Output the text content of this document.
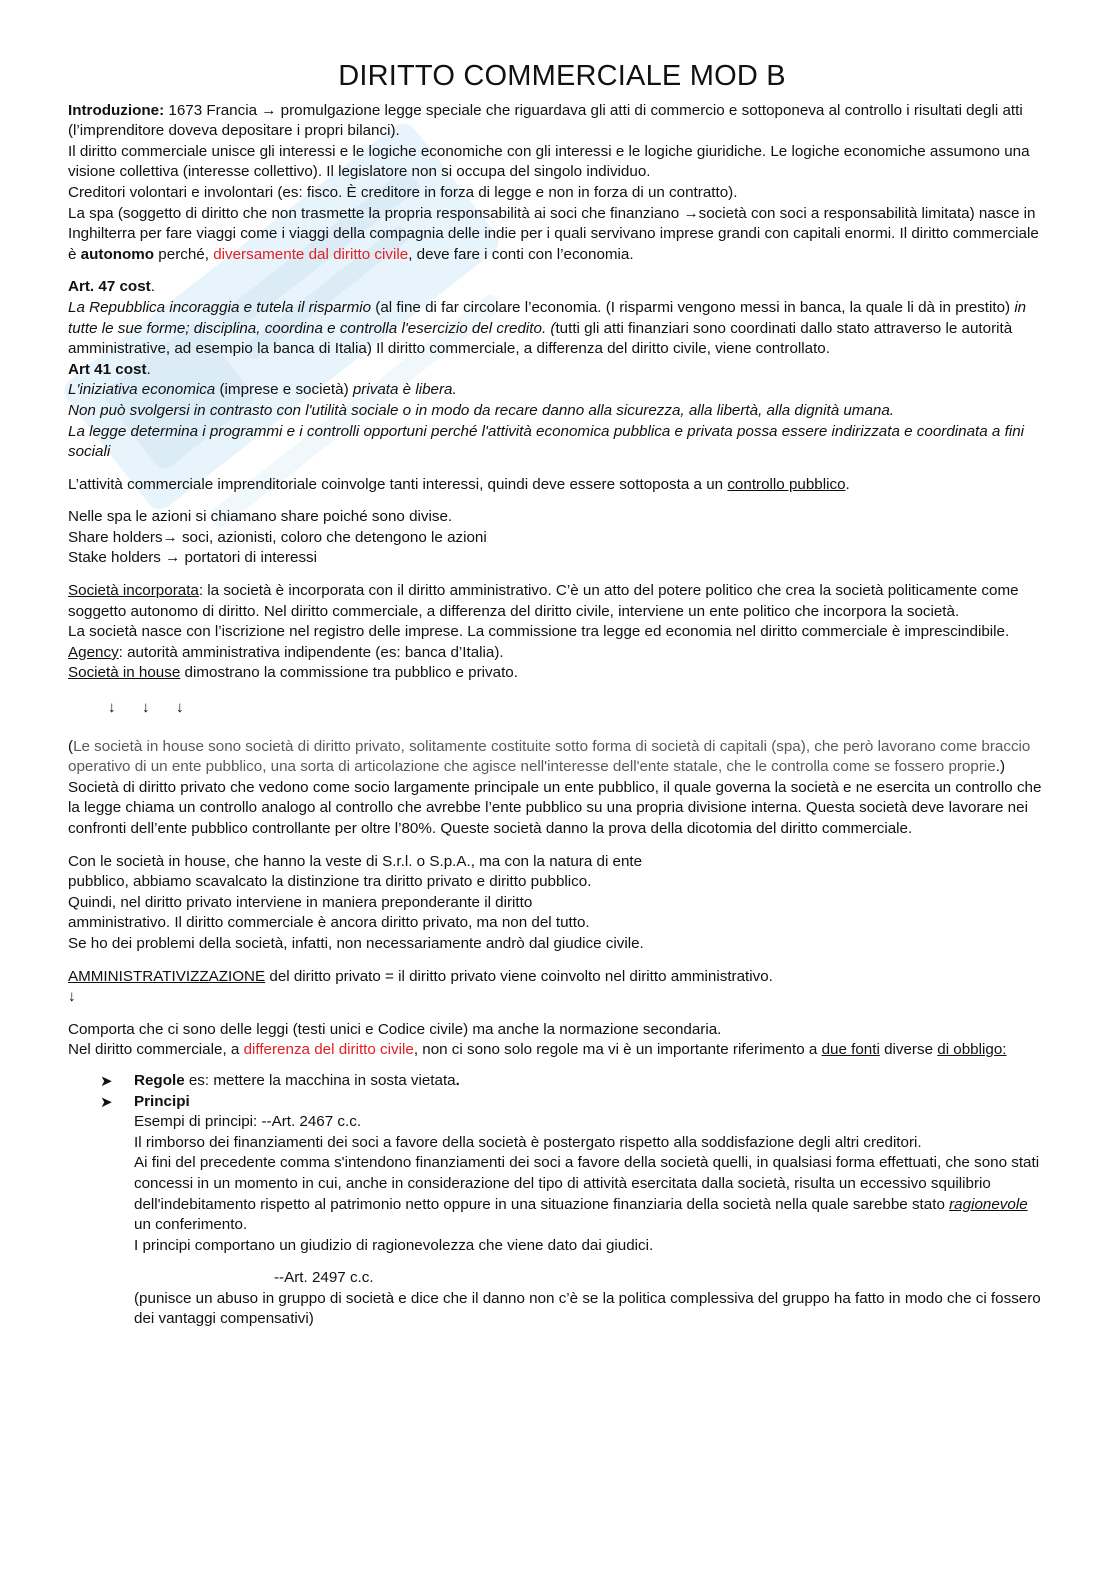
DIRITTO COMMERCIALE MOD B

Introduzione: 1673 Francia → promulgazione legge speciale che riguardava gli atti di commercio e sottoponeva al controllo i risultati degli atti (l’imprenditore doveva depositare i propri bilanci).

Il diritto commerciale unisce gli interessi e le logiche economiche con gli interessi e le logiche giuridiche. Le logiche economiche assumono una visione collettiva (interesse collettivo). Il legislatore non si occupa del singolo individuo.

Creditori volontari e involontari (es: fisco. È creditore in forza di legge e non in forza di un contratto).

La spa (soggetto di diritto che non trasmette la propria responsabilità ai soci che finanziano →società con soci a responsabilità limitata) nasce in Inghilterra per fare viaggi come i viaggi della compagnia delle indie per i quali servivano imprese grandi con capitali enormi. Il diritto commerciale è autonomo perché, diversamente dal diritto civile, deve fare i conti con l’economia.

Art. 47 cost.

La Repubblica incoraggia e tutela il risparmio (al fine di far circolare l’economia. (I risparmi vengono messi in banca, la quale li dà in prestito) in tutte le sue forme; disciplina, coordina e controlla l'esercizio del credito. (tutti gli atti finanziari sono coordinati dallo stato attraverso le autorità amministrative, ad esempio la banca di Italia) Il diritto commerciale, a differenza del diritto civile, viene controllato.

Art 41 cost.

L'iniziativa economica (imprese e società) privata è libera.

Non può svolgersi in contrasto con l'utilità sociale o in modo da recare danno alla sicurezza, alla libertà, alla dignità umana.

La legge determina i programmi e i controlli opportuni perché l'attività economica pubblica e privata possa essere indirizzata e coordinata a fini sociali

L’attività commerciale imprenditoriale coinvolge tanti interessi, quindi deve essere sottoposta a un controllo pubblico.

Nelle spa le azioni si chiamano share poiché sono divise.

Share holders→ soci, azionisti, coloro che detengono le azioni

Stake holders → portatori di interessi

Società incorporata: la società è incorporata con il diritto amministrativo. C’è un atto del potere politico che crea la società politicamente come soggetto autonomo di diritto. Nel diritto commerciale, a differenza del diritto civile, interviene un ente politico che incorpora la società.

La società nasce con l’iscrizione nel registro delle imprese. La commissione tra legge ed economia nel diritto commerciale è imprescindibile.

Agency: autorità amministrativa indipendente (es: banca d’Italia).

Società in house dimostrano la commissione tra pubblico e privato.

↓ ↓ ↓

(Le società in house sono società di diritto privato, solitamente costituite sotto forma di società di capitali (spa), che però lavorano come braccio operativo di un ente pubblico, una sorta di articolazione che agisce nell'interesse dell'ente statale, che le controlla come se fossero proprie.) Società di diritto privato che vedono come socio largamente principale un ente pubblico, il quale governa la società e ne esercita un controllo che la legge chiama un controllo analogo al controllo che avrebbe l’ente pubblico su una propria divisione interna. Questa società deve lavorare nei confronti dell’ente pubblico controllante per oltre l’80%. Queste società danno la prova della dicotomia del diritto commerciale.

Con le società in house, che hanno la veste di S.r.l. o S.p.A., ma con la natura di ente

pubblico, abbiamo scavalcato la distinzione tra diritto privato e diritto pubblico.

Quindi, nel diritto privato interviene in maniera preponderante il diritto

amministrativo. Il diritto commerciale è ancora diritto privato, ma non del tutto.

Se ho dei problemi della società, infatti, non necessariamente andrò dal giudice civile.

AMMINISTRATIVIZZAZIONE del diritto privato = il diritto privato viene coinvolto nel diritto amministrativo.

↓

Comporta che ci sono delle leggi (testi unici e Codice civile) ma anche la normazione secondaria.

Nel diritto commerciale, a differenza del diritto civile, non ci sono solo regole ma vi è un importante riferimento a due fonti diverse di obbligo:

➤ Regole es: mettere la macchina in sosta vietata.
➤ Principi

Esempi di principi: --Art. 2467 c.c.

Il rimborso dei finanziamenti dei soci a favore della società è postergato rispetto alla soddisfazione degli altri creditori.

Ai fini del precedente comma s'intendono finanziamenti dei soci a favore della società quelli, in qualsiasi forma effettuati, che sono stati concessi in un momento in cui, anche in considerazione del tipo di attività esercitata dalla società, risulta un eccessivo squilibrio dell'indebitamento rispetto al patrimonio netto oppure in una situazione finanziaria della società nella quale sarebbe stato ragionevole un conferimento.

I principi comportano un giudizio di ragionevolezza che viene dato dai giudici.

--Art. 2497 c.c.

(punisce un abuso in gruppo di società e dice che il danno non c’è se la politica complessiva del gruppo ha fatto in modo che ci fossero dei vantaggi compensativi)
